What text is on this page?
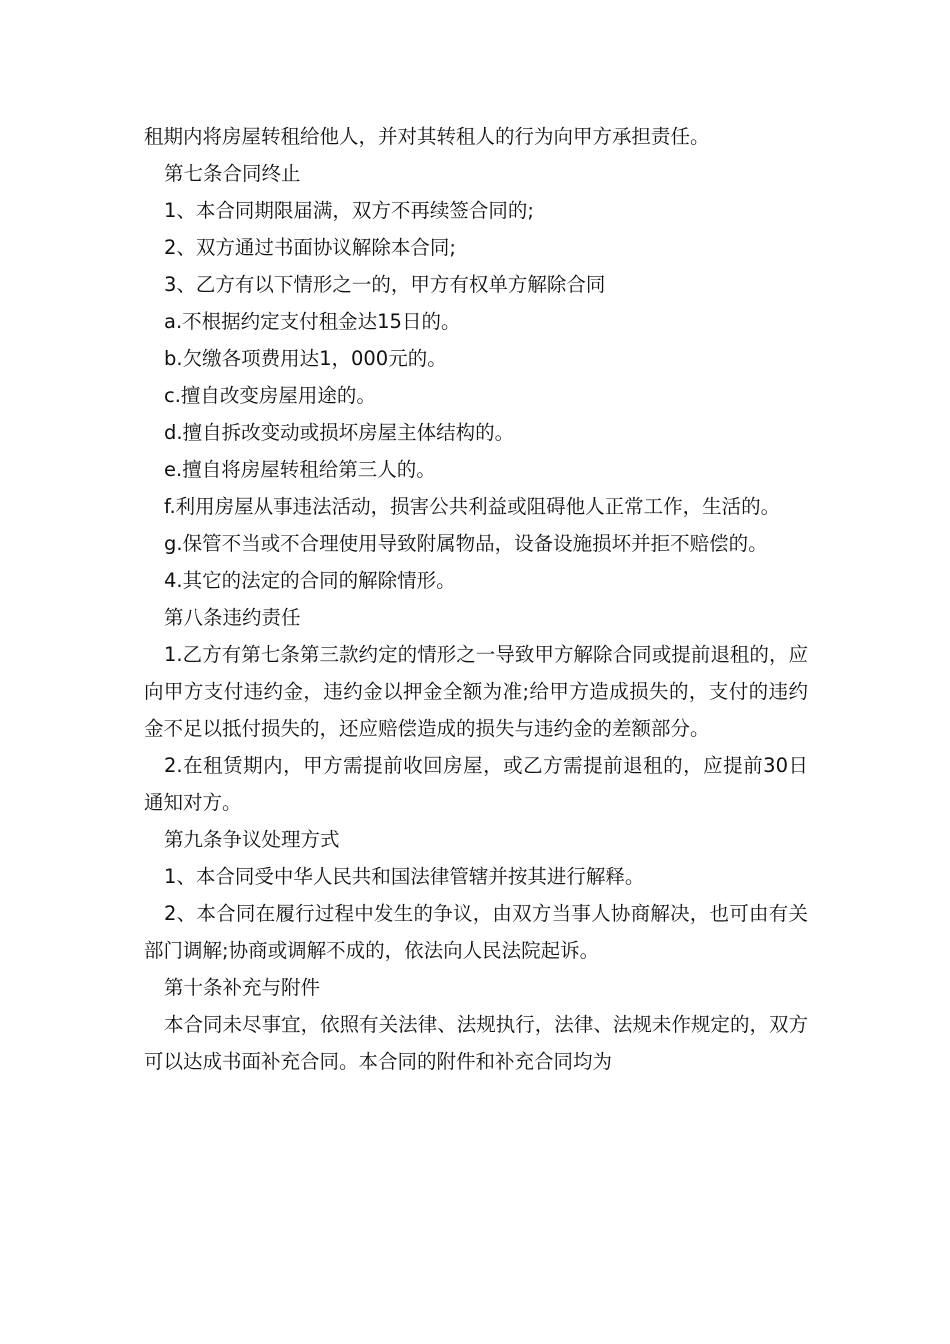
租期内将房屋转租给他人，并对其转租人的行为向甲方承担责任。

第七条合同终止

1、本合同期限届满，双方不再续签合同的;

2、双方通过书面协议解除本合同;

3、乙方有以下情形之一的，甲方有权单方解除合同

a.不根据约定支付租金达15日的。

b.欠缴各项费用达1，000元的。

c.擅自改变房屋用途的。

d.擅自拆改变动或损坏房屋主体结构的。

e.擅自将房屋转租给第三人的。

f.利用房屋从事违法活动，损害公共利益或阻碍他人正常工作，生活的。

g.保管不当或不合理使用导致附属物品，设备设施损坏并拒不赔偿的。

4.其它的法定的合同的解除情形。

第八条违约责任

1.乙方有第七条第三款约定的情形之一导致甲方解除合同或提前退租的，应向甲方支付违约金，违约金以押金全额为准;给甲方造成损失的，支付的违约金不足以抵付损失的，还应赔偿造成的损失与违约金的差额部分。

2.在租赁期内，甲方需提前收回房屋，或乙方需提前退租的，应提前30日通知对方。

第九条争议处理方式

1、本合同受中华人民共和国法律管辖并按其进行解释。

2、本合同在履行过程中发生的争议，由双方当事人协商解决，也可由有关部门调解;协商或调解不成的，依法向人民法院起诉。

第十条补充与附件

本合同未尽事宜，依照有关法律、法规执行，法律、法规未作规定的，双方可以达成书面补充合同。本合同的附件和补充合同均为
